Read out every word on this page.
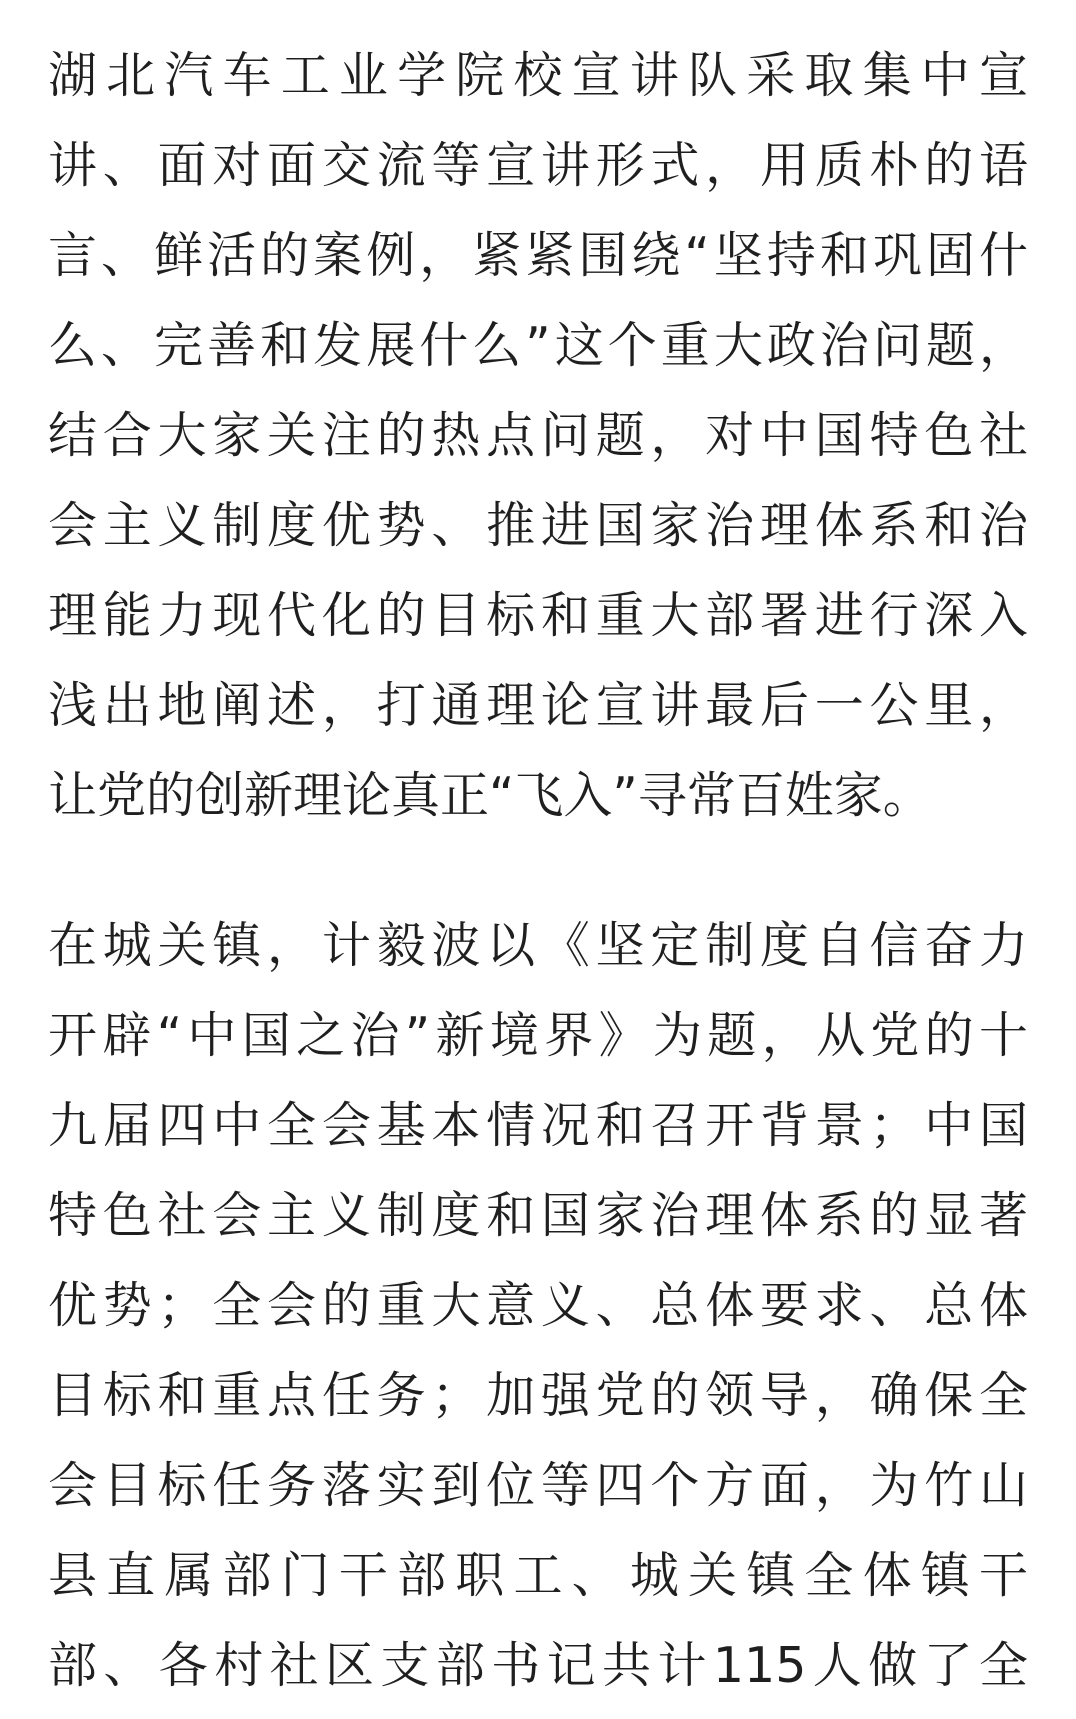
湖北汽车工业学院校宣讲队采取集中宣
讲、面对面交流等宣讲形式，用质朴的语
言、鲜活的案例，紧紧围绕“坚持和巩固什
么、完善和发展什么”这个重大政治问题，
结合大家关注的热点问题，对中国特色社
会主义制度优势、推进国家治理体系和治
理能力现代化的目标和重大部署进行深入
浅出地阐述，打通理论宣讲最后一公里，
让党的创新理论真正“飞入”寻常百姓家。
在城关镇，计毅波以《坚定制度自信奋力
开辟“中国之治”新境界》为题，从党的十
九届四中全会基本情况和召开背景；中国
特色社会主义制度和国家治理体系的显著
优势；全会的重大意义、总体要求、总体
目标和重点任务；加强党的领导，确保全
会目标任务落实到位等四个方面，为竹山
县直属部门干部职工、城关镇全体镇干
部、各村社区支部书记共计115人做了全
